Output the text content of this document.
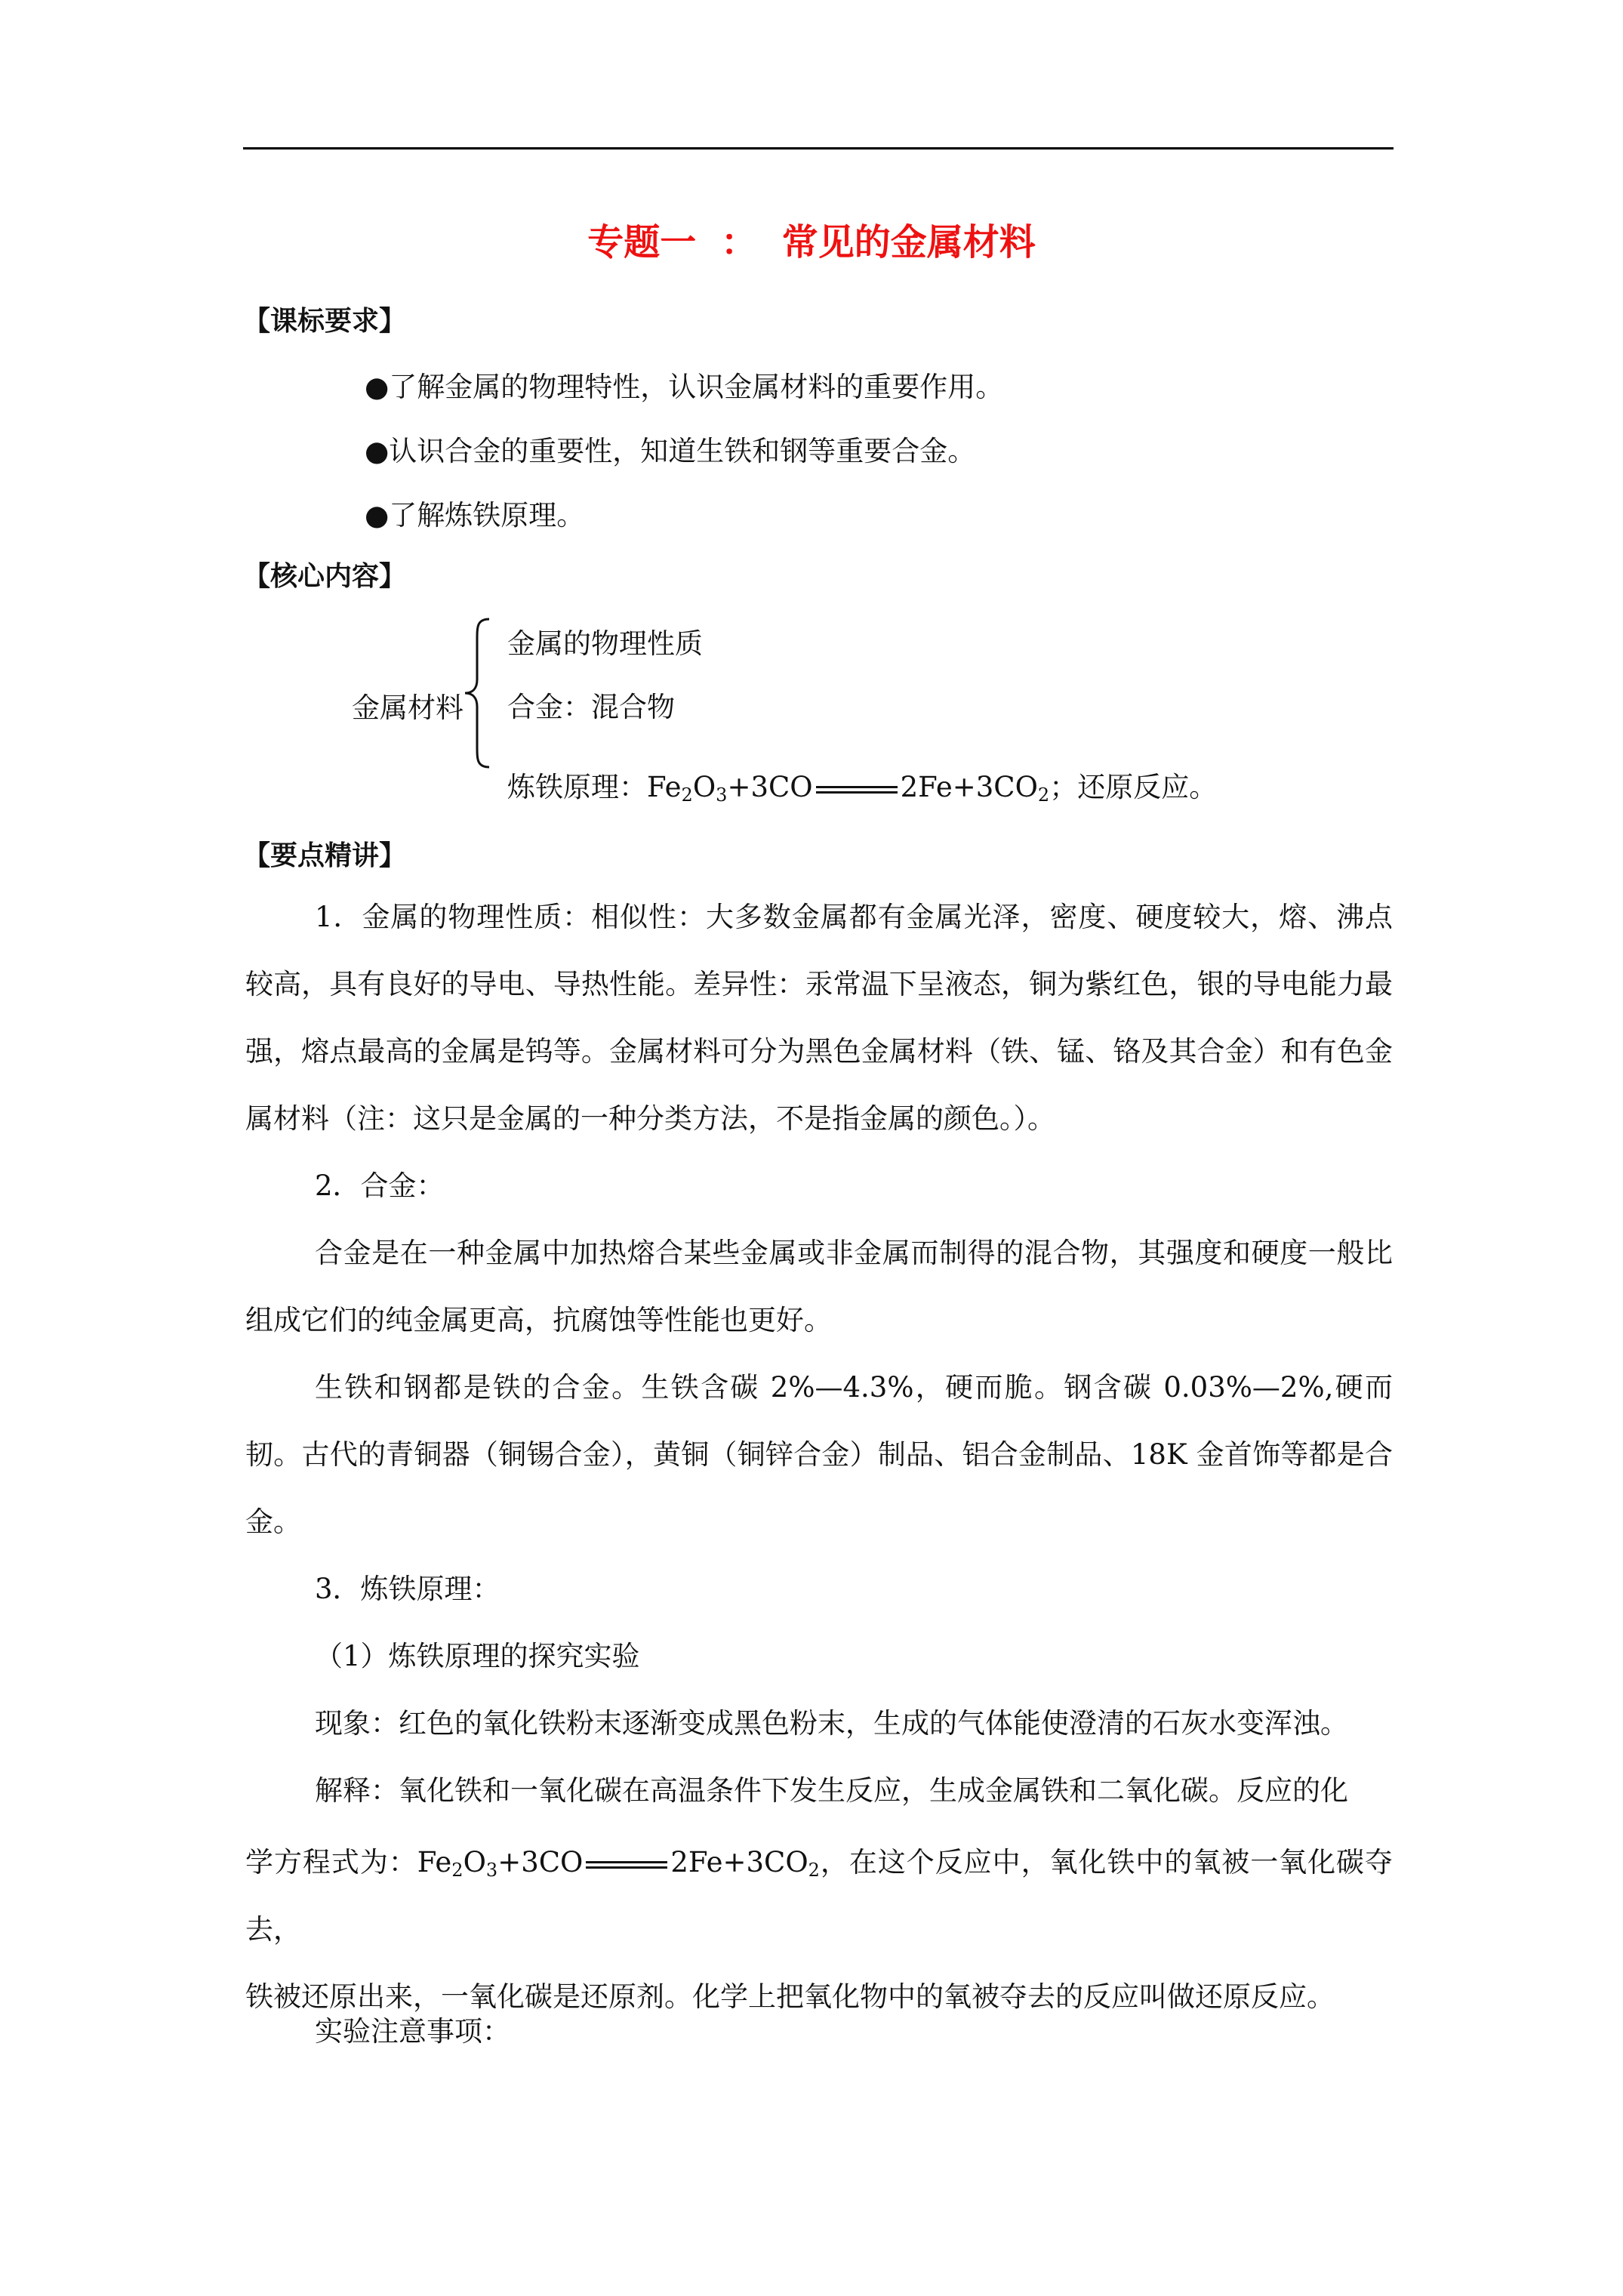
专题一 ： 常见的金属材料
【课标要求】
●了解金属的物理特性，认识金属材料的重要作用。
●认识合金的重要性，知道生铁和钢等重要合金。
●了解炼铁原理。
【核心内容】
金属材料
金属的物理性质
合金：混合物
炼铁原理：$Fe_2O_3+3CO$	$2Fe+3CO_2$；还原反应。
【要点精讲】

1．金属的物理性质：相似性：大多数金属都有金属光泽，密度、硬度较大，熔、沸点较高，具有良好的导电、导热性能。差异性：汞常温下呈液态，铜为紫红色，银的导电能力最强，熔点最高的金属是钨等。金属材料可分为黑色金属材料（铁、锰、铬及其合金）和有色金属材料（注：这只是金属的一种分类方法，不是指金属的颜色。）。

2．合金：

合金是在一种金属中加热熔合某些金属或非金属而制得的混合物，其强度和硬度一般比组成它们的纯金属更高，抗腐蚀等性能也更好。

生铁和钢都是铁的合金。生铁含碳 2%—4.3%，硬而脆。钢含碳 0.03%—2%,硬而韧。古代的青铜器（铜锡合金），黄铜（铜锌合金）制品、铝合金制品、18K 金首饰等都是合金。

3．炼铁原理：

（1）炼铁原理的探究实验

现象：红色的氧化铁粉末逐渐变成黑色粉末，生成的气体能使澄清的石灰水变浑浊。

解释：氧化铁和一氧化碳在高温条件下发生反应，生成金属铁和二氧化碳。反应的化

学方程式为：$Fe_2O_3+3CO$	$2Fe+3CO_2$，在这个反应中，氧化铁中的氧被一氧化碳夺去，

铁被还原出来，一氧化碳是还原剂。化学上把氧化物中的氧被夺去的反应叫做还原反应。

实验注意事项：
